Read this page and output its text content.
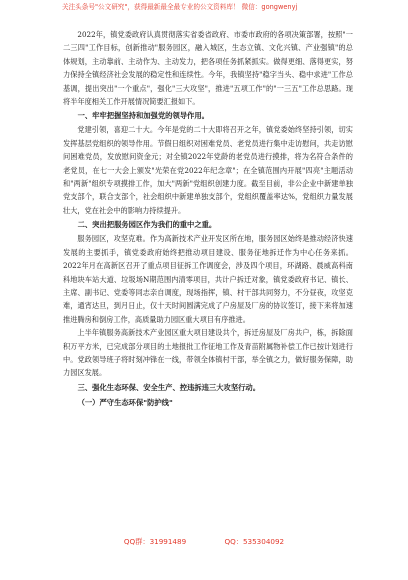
关注头条号"公文研究"，获得最新最全最专业的公文资料库！ 微信：gongwenyj

2022年，镇党委政府认真贯彻落实省委省政府、市委市政府的各项决策部署，按照"一二三四"工作目标，创新推动"服务园区，融入城区，生态立镇、文化兴镇、产业强镇"的总体规划，主动靠前、主动作为、主动发力，把各项任务抓紧抓实。做得更细、落得更实，努力保持全镇经济社会发展的稳定性和连续性。今年，我镇坚持"稳字当头、稳中求进"工作总基调，提出突出"一个重点"，强化"三大攻坚"，推进"五项工作"的"一三五"工作总思路。现将半年度相关工作开展情况简要汇报如下。

一、牢牢把握坚持和加强党的领导作用。

党建引领，喜迎二十大。今年是党的二十大即将召开之年，镇党委始终坚持引领，切实发挥基层党组织的领导作用。节假日组织对困难党员、老党员进行集中走访慰问，共走访慰问困难党员，发放慰问资金元；对全镇2022年党龄的老党员进行摸排，将为名符合条件的老党员，在七一大会上颁发"光荣在党2022年纪念章"；在全镇范围内开展"四亮"主题活动和"两新"组织专项摸排工作，加大"两新"党组织创建力度。截至目前，非公企业中新建单独党支部个，联合支部个，社会组织中新建单独支部个，党组织覆盖率达%，党组织力量发展壮大，党在社会中的影响力持续提升。

二、突出把服务园区作为我们的重中之重。

服务园区，攻坚克难。作为高新技术产业开发区所在地，服务园区始终是推动经济快速发展的主要抓手，镇党委政府始终把推动项目建设、服务征地拆迁作为中心任务来抓。2022年月在高新区召开了重点项目征拆工作调度会，涉及四个项目，环湖路、晨威高科南科地块车站大道、垃圾场N期范围内清零项目，共计户拆迁对象，镇党委政府书记、镇长、主席、副书记、党委等同志亲自调度，现场指挥，镇、村干部共同努力，不分昼夜，攻坚克难，通宵达旦，到月日止，仅十天时间圆满完成了户房屋及厂房的协议签订，接下来将加速推进腾房和倒房工作，高质量助力园区重大项目有序推进。

上半年镇服务高新技术产业园区重大项目建设共个，拆迁房屋及厂房共户，栋，拆除面积万平方米，已完成部分项目的土地报批工作征地工作及青苗附属物补偿工作已按计划进行中。党政领导班子将时刻冲锋在一线，带领全体镇村干部，举全镇之力，做好服务保障，助力园区发展。

三、强化生态环保、安全生产、控违拆违三大攻坚行动。

（一）严守生态环保"防护线"

QQ群：31991489	QQ：535304092
